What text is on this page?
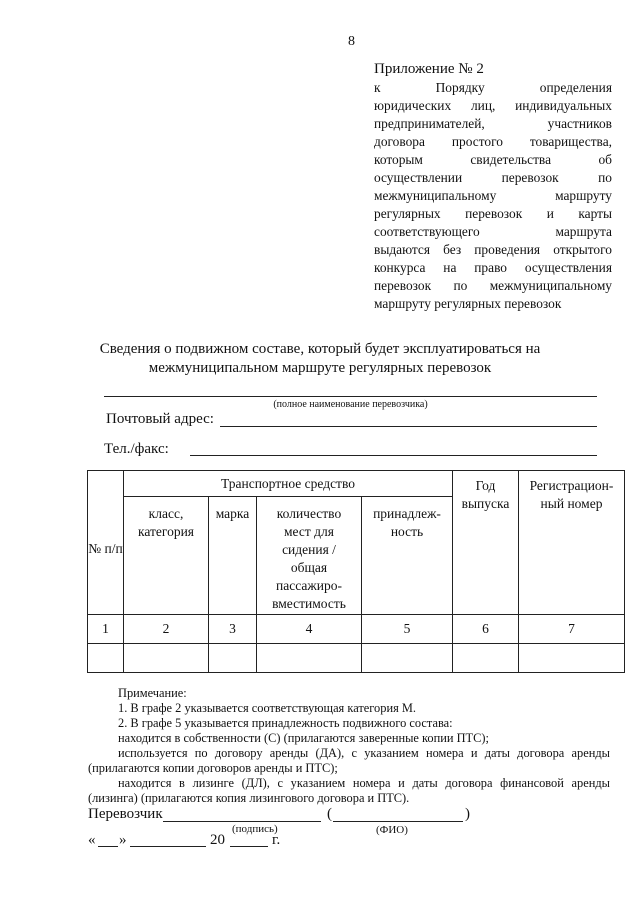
8
Приложение № 2
к Порядку определения
юридических лиц, индивидуальных
предпринимателей, участников
договора простого товарищества,
которым свидетельства об
осуществлении перевозок по
межмуниципальному маршруту
регулярных перевозок и карты
соответствующего маршрута
выдаются без проведения открытого
конкурса на право осуществления
перевозок по межмуниципальному
маршруту регулярных перевозок
Сведения о подвижном составе, который будет эксплуатироваться на
межмуниципальном маршруте регулярных перевозок
(полное наименование перевозчика)
Почтовый адрес:
Тел./факс:
№ п/п	Транспортное средство				Год выпуска	Регистрацион-ный номер
	класс, категория	марка	количество мест для сидения / общая пассажиро-вместимость	принадлеж-ность		
1	2	3	4	5	6	7

Примечание:

1. В графе 2 указывается соответствующая категория М.

2. В графе 5 указывается принадлежность подвижного состава:

находится в собственности (С) (прилагаются заверенные копии ПТС);

используется по договору аренды (ДА), с указанием номера и даты договора аренды (прилагаются копии договоров аренды и ПТС);

находится в лизинге (ДЛ), с указанием номера и даты договора финансовой аренды (лизинга) (прилагаются копия лизингового договора и ПТС).

Перевозчик	(	)
(подпись)	(ФИО)
« »	20	г.
